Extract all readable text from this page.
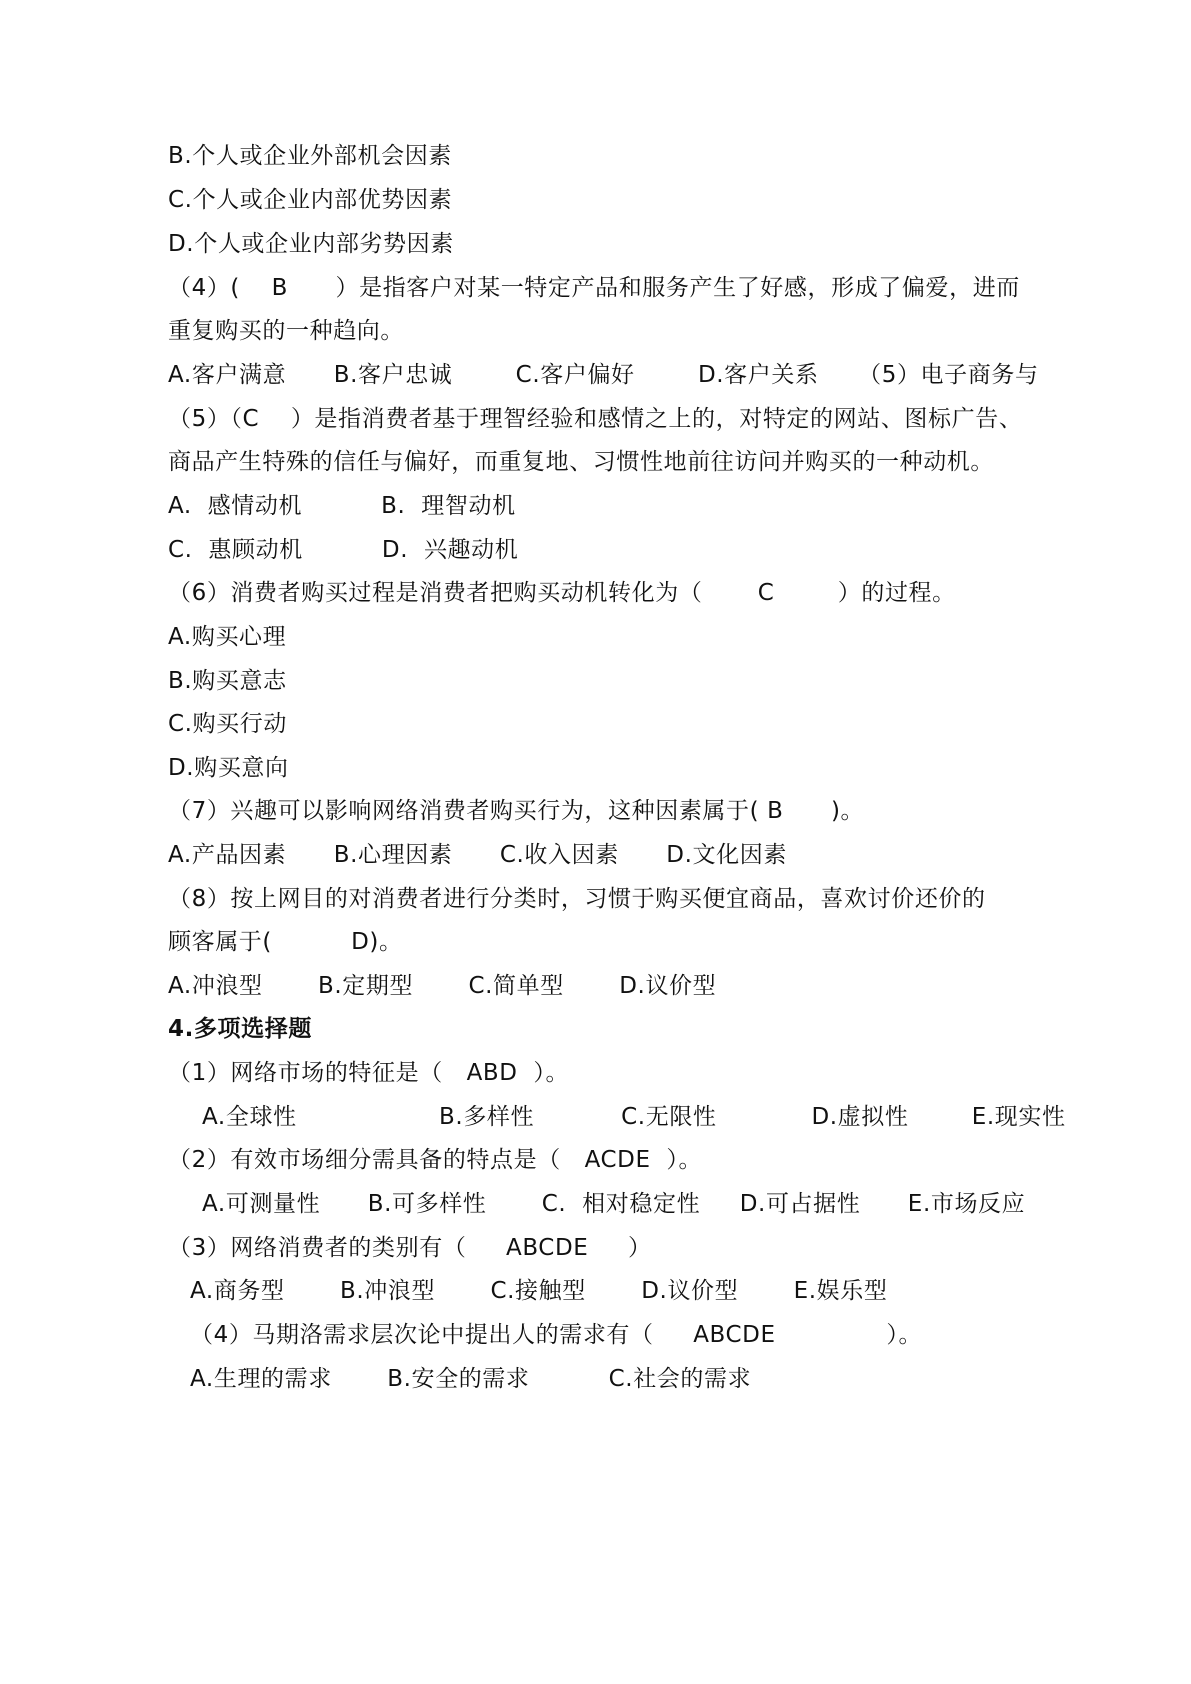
B.个人或企业外部机会因素
C.个人或企业内部优势因素
D.个人或企业内部劣势因素
（4）(    B      ）是指客户对某一特定产品和服务产生了好感，形成了偏爱，进而
重复购买的一种趋向。
A.客户满意      B.客户忠诚        C.客户偏好        D.客户关系     （5）电子商务与
（5）（C    ）是指消费者基于理智经验和感情之上的，对特定的网站、图标广告、
商品产生特殊的信任与偏好，而重复地、习惯性地前往访问并购买的一种动机。
A.  感情动机          B.  理智动机
C.  惠顾动机          D.  兴趣动机
（6）消费者购买过程是消费者把购买动机转化为（       C        ）的过程。
A.购买心理
B.购买意志
C.购买行动
D.购买意向
（7）兴趣可以影响网络消费者购买行为，这种因素属于( B      )。
A.产品因素      B.心理因素      C.收入因素      D.文化因素
（8）按上网目的对消费者进行分类时，习惯于购买便宜商品，喜欢讨价还价的
顾客属于(          D)。
A.冲浪型       B.定期型       C.简单型       D.议价型
4.多项选择题
（1）网络市场的特征是（   ABD  ）。
A.全球性                  B.多样性           C.无限性            D.虚拟性        E.现实性
（2）有效市场细分需具备的特点是（   ACDE  ）。
A.可测量性      B.可多样性       C.  相对稳定性     D.可占据性      E.市场反应
（3）网络消费者的类别有（     ABCDE     ）
A.商务型       B.冲浪型       C.接触型       D.议价型       E.娱乐型
（4）马期洛需求层次论中提出人的需求有（     ABCDE              ）。
A.生理的需求       B.安全的需求          C.社会的需求
